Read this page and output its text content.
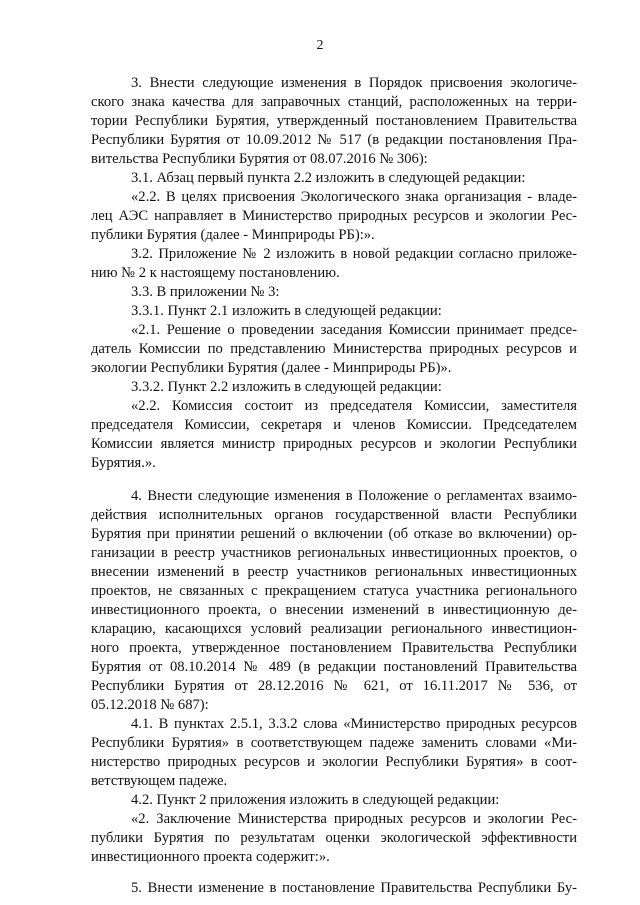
2
3. Внести следующие изменения в Порядок присвоения экологиче-
ского знака качества для заправочных станций, расположенных на терри-
тории Республики Бурятия, утвержденный постановлением Правительства
Республики Бурятия от 10.09.2012 № 517 (в редакции постановления Пра-
вительства Республики Бурятия от 08.07.2016 № 306):
3.1. Абзац первый пункта 2.2 изложить в следующей редакции:
«2.2. В целях присвоения Экологического знака организация - владе-
лец АЭС направляет в Министерство природных ресурсов и экологии Рес-
публики Бурятия (далее - Минприроды РБ):».
3.2. Приложение № 2 изложить в новой редакции согласно приложе-
нию № 2 к настоящему постановлению.
3.3. В приложении № 3:
3.3.1. Пункт 2.1 изложить в следующей редакции:
«2.1. Решение о проведении заседания Комиссии принимает предсе-
датель Комиссии по представлению Министерства природных ресурсов и
экологии Республики Бурятия (далее - Минприроды РБ)».
3.3.2. Пункт 2.2 изложить в следующей редакции:
«2.2. Комиссия состоит из председателя Комиссии, заместителя
председателя Комиссии, секретаря и членов Комиссии. Председателем
Комиссии является министр природных ресурсов и экологии Республики
Бурятия.».
4. Внести следующие изменения в Положение о регламентах взаимо-
действия исполнительных органов государственной власти Республики
Бурятия при принятии решений о включении (об отказе во включении) ор-
ганизации в реестр участников региональных инвестиционных проектов, о
внесении изменений в реестр участников региональных инвестиционных
проектов, не связанных с прекращением статуса участника регионального
инвестиционного проекта, о внесении изменений в инвестиционную де-
кларацию, касающихся условий реализации регионального инвестицион-
ного проекта, утвержденное постановлением Правительства Республики
Бурятия от 08.10.2014 № 489 (в редакции постановлений Правительства
Республики Бурятия от 28.12.2016 № 621, от 16.11.2017 № 536, от
05.12.2018 № 687):
4.1. В пунктах 2.5.1, 3.3.2 слова «Министерство природных ресурсов
Республики Бурятия» в соответствующем падеже заменить словами «Ми-
нистерство природных ресурсов и экологии Республики Бурятия» в соот-
ветствующем падеже.
4.2. Пункт 2 приложения изложить в следующей редакции:
«2. Заключение Министерства природных ресурсов и экологии Рес-
публики Бурятия по результатам оценки экологической эффективности
инвестиционного проекта содержит:».
5. Внести изменение в постановление Правительства Республики Бу-
